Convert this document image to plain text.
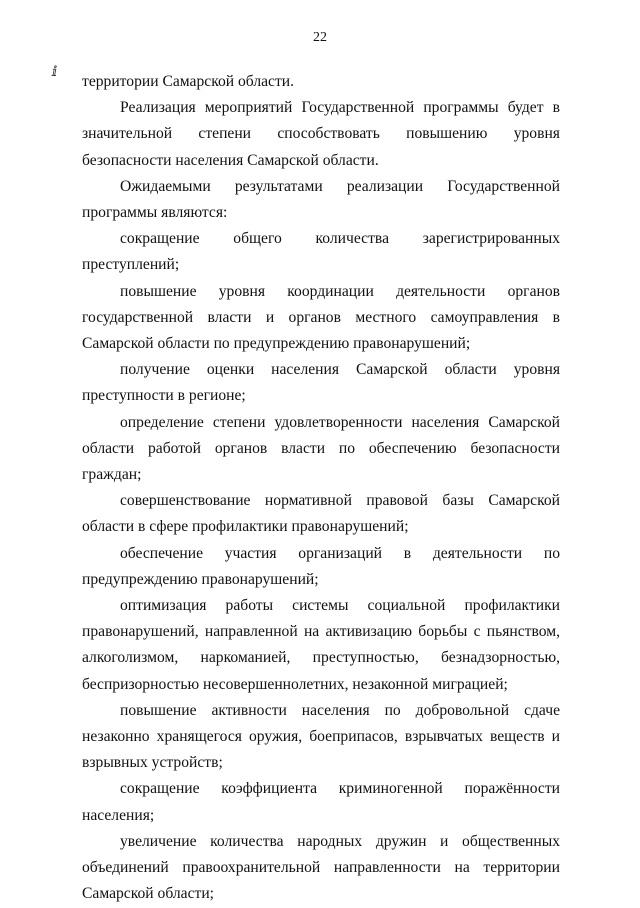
22
ⅈ

территории Самарской области.

Реализация мероприятий Государственной программы будет в значительной степени способствовать повышению уровня безопасности населения Самарской области.

Ожидаемыми результатами реализации Государственной программы являются:

сокращение общего количества зарегистрированных преступлений;

повышение уровня координации деятельности органов государственной власти и органов местного самоуправления в Самарской области по предупреждению правонарушений;

получение оценки населения Самарской области уровня преступности в регионе;

определение степени удовлетворенности населения Самарской области работой органов власти по обеспечению безопасности граждан;

совершенствование нормативной правовой базы Самарской области в сфере профилактики правонарушений;

обеспечение участия организаций в деятельности по предупреждению правонарушений;

оптимизация работы системы социальной профилактики правонарушений, направленной на активизацию борьбы с пьянством, алкоголизмом, наркоманией, преступностью, безнадзорностью, беспризорностью несовершеннолетних, незаконной миграцией;

повышение активности населения по добровольной сдаче незаконно хранящегося оружия, боеприпасов, взрывчатых веществ и взрывных устройств;

сокращение коэффициента криминогенной поражённости населения;

увеличение количества народных дружин и общественных объединений правоохранительной направленности на территории Самарской области;
